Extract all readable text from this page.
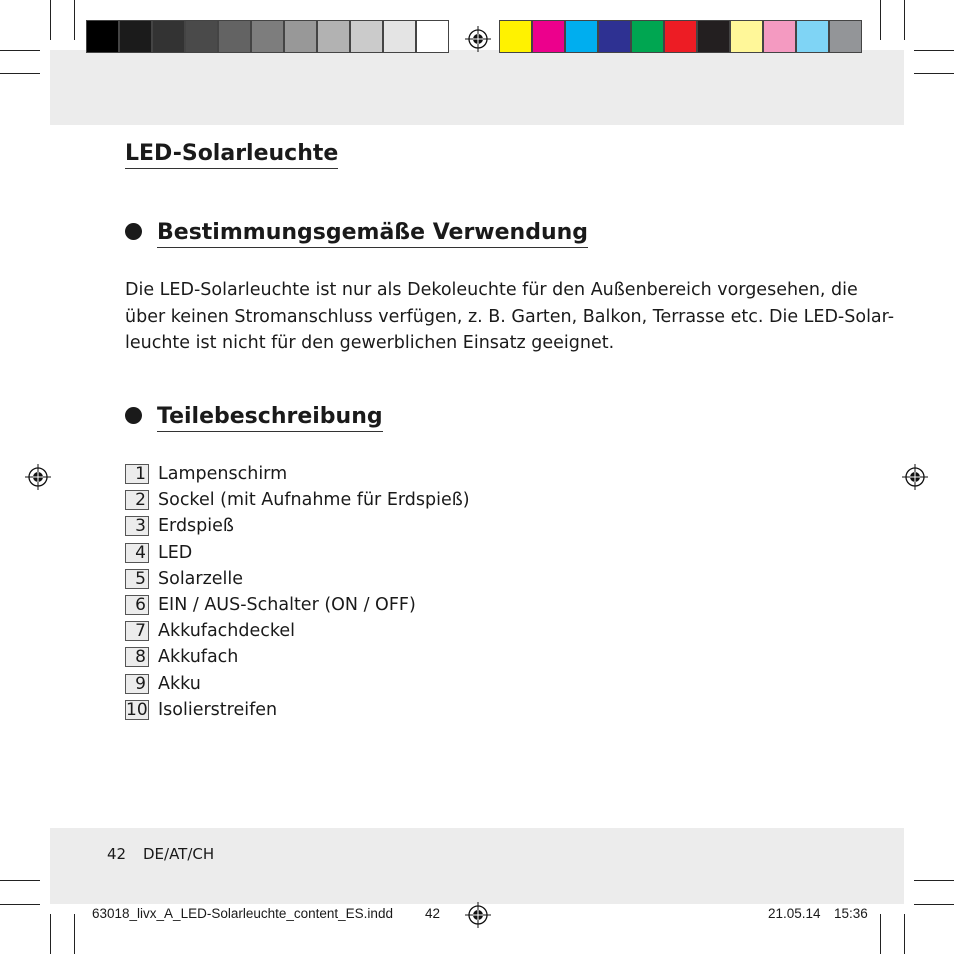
LED-Solarleuchte
Bestimmungsgemäße Verwendung
Die LED-Solarleuchte ist nur als Dekoleuchte für den Außenbereich vorgesehen, die
über keinen Stromanschluss verfügen, z. B. Garten, Balkon, Terrasse etc. Die LED-Solar-
leuchte ist nicht für den gewerblichen Einsatz geeignet.
Teilebeschreibung
1 Lampenschirm
2 Sockel (mit Aufnahme für Erdspieß)
3 Erdspieß
4 LED
5 Solarzelle
6 EIN / AUS-Schalter (ON / OFF)
7 Akkufachdeckel
8 Akkufach
9 Akku
10 Isolierstreifen
42 DE/AT/CH
63018_livx_A_LED-Solarleuchte_content_ES.indd 42	21.05.14 15:36
